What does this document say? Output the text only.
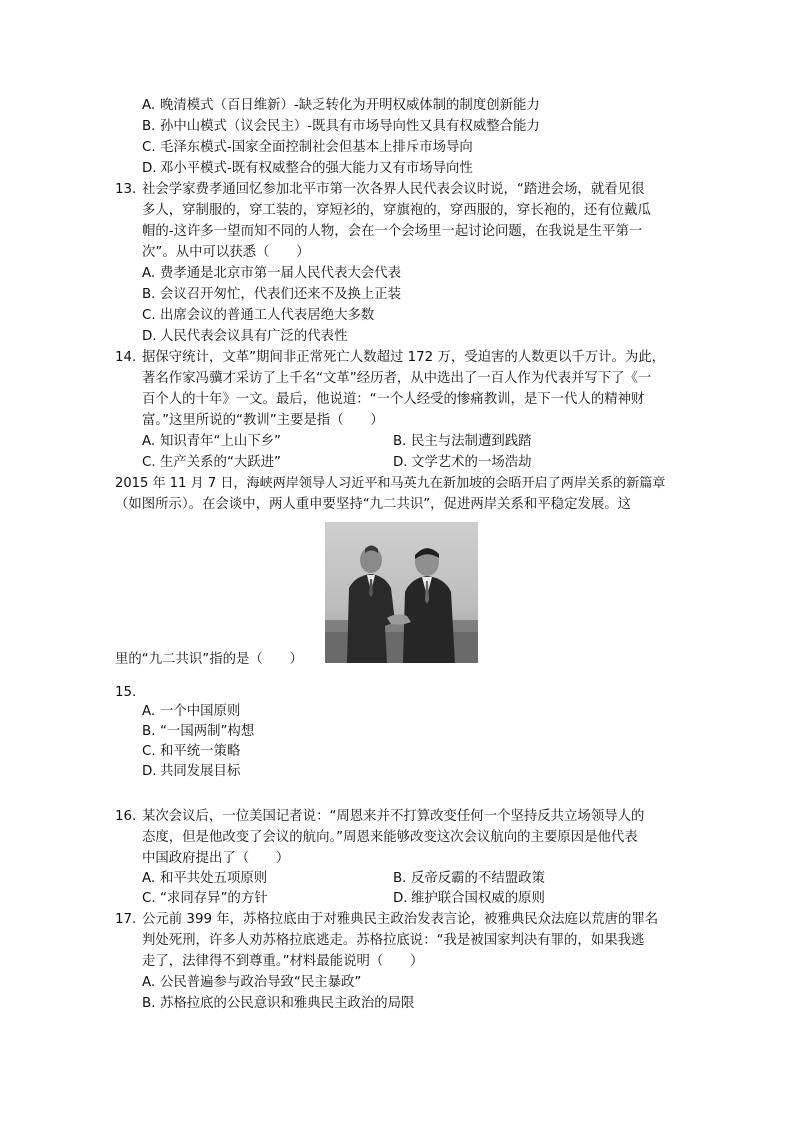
A. 晚清模式（百日维新）-缺乏转化为开明权威体制的制度创新能力
B. 孙中山模式（议会民主）-既具有市场导向性又具有权威整合能力
C. 毛泽东模式-国家全面控制社会但基本上排斥市场导向
D. 邓小平模式-既有权威整合的强大能力又有市场导向性
13. 社会学家费孝通回忆参加北平市第一次各界人民代表会议时说，“踏进会场，就看见很
多人，穿制服的，穿工装的，穿短衫的，穿旗袍的，穿西服的，穿长袍的，还有位戴瓜
帽的-这许多一望而知不同的人物，会在一个会场里一起讨论问题，在我说是生平第一
次”。从中可以获悉（　　）
A. 费孝通是北京市第一届人民代表大会代表
B. 会议召开匆忙，代表们还来不及换上正装
C. 出席会议的普通工人代表居绝大多数
D. 人民代表会议具有广泛的代表性
14. 据保守统计，文革”期间非正常死亡人数超过 172 万，受迫害的人数更以千万计。为此，
著名作家冯骥才采访了上千名“文革”经历者，从中选出了一百人作为代表并写下了《一
百个人的十年》一文。最后，他说道：“一个人经受的惨痛教训，是下一代人的精神财
富。”这里所说的“教训”主要是指（　　）
A. 知识青年“上山下乡”	B. 民主与法制遭到践踏
C. 生产关系的“大跃进”	D. 文学艺术的一场浩劫
2015 年 11 月 7 日，海峡两岸领导人习近平和马英九在新加坡的会晤开启了两岸关系的新篇章
（如图所示）。在会谈中，两人重申要坚持“九二共识”，促进两岸关系和平稳定发展。这
里的“九二共识”指的是（　　）
15.
A. 一个中国原则
B. “一国两制”构想
C. 和平统一策略
D. 共同发展目标
16. 某次会议后，一位美国记者说：“周恩来并不打算改变任何一个坚持反共立场领导人的
态度，但是他改变了会议的航向。”周恩来能够改变这次会议航向的主要原因是他代表
中国政府提出了（　　）
A. 和平共处五项原则	B. 反帝反霸的不结盟政策
C. “求同存异”的方针	D. 维护联合国权威的原则
17. 公元前 399 年，苏格拉底由于对雅典民主政治发表言论，被雅典民众法庭以荒唐的罪名
判处死刑，许多人劝苏格拉底逃走。苏格拉底说：“我是被国家判决有罪的，如果我逃
走了，法律得不到尊重。”材料最能说明（　　）
A. 公民普遍参与政治导致“民主暴政”
B. 苏格拉底的公民意识和雅典民主政治的局限
